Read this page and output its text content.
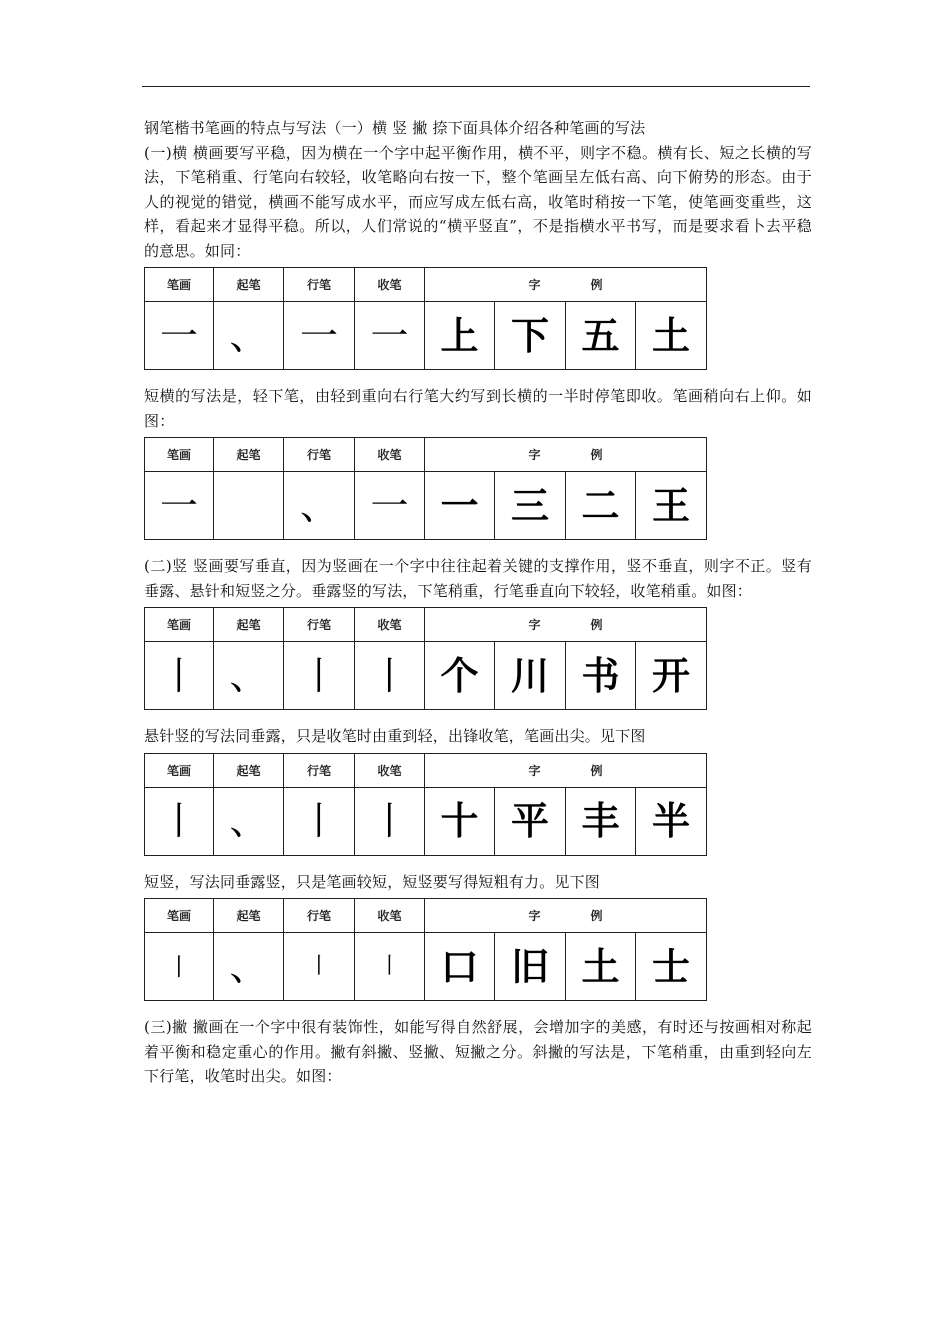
钢笔楷书笔画的特点与写法（一）横 竖 撇 捺下面具体介绍各种笔画的写法

(一)横 横画要写平稳，因为横在一个字中起平衡作用，横不平，则字不稳。横有长、短之长横的写法，下笔稍重、行笔向右较轻，收笔略向右按一下，整个笔画呈左低右高、向下俯势的形态。由于人的视觉的错觉，横画不能写成水平，而应写成左低右高，收笔时稍按一下笔，使笔画变重些，这样，看起来才显得平稳。所以，人们常说的“横平竖直”，不是指横水平书写，而是要求看卜去平稳的意思。如同：

笔画	起笔	行笔	收笔	字 例			
一	、	一	一	上	下	五	土

短横的写法是，轻下笔，由轻到重向右行笔大约写到长横的一半时停笔即收。笔画稍向右上仰。如图：

笔画	起笔	行笔	收笔	字 例			
一		、	一	一	三	二	王

(二)竖 竖画要写垂直，因为竖画在一个字中往往起着关键的支撑作用，竖不垂直，则字不正。竖有垂露、悬针和短竖之分。垂露竖的写法，下笔稍重，行笔垂直向下较轻，收笔稍重。如图：

笔画	起笔	行笔	收笔	字 例			
丨	、	丨	丨	个	川	书	开

悬针竖的写法同垂露，只是收笔时由重到轻，出锋收笔，笔画出尖。见下图

笔画	起笔	行笔	收笔	字 例			
丨	、	丨	丨	十	平	丰	半

短竖，写法同垂露竖，只是笔画较短，短竖要写得短粗有力。见下图

笔画	起笔	行笔	收笔	字 例			
丨	、	丨	丨	口	旧	土	士

(三)撇 撇画在一个字中很有装饰性，如能写得自然舒展，会增加字的美感，有时还与按画相对称起着平衡和稳定重心的作用。撇有斜撇、竖撇、短撇之分。斜撇的写法是，下笔稍重，由重到轻向左下行笔，收笔时出尖。如图：
